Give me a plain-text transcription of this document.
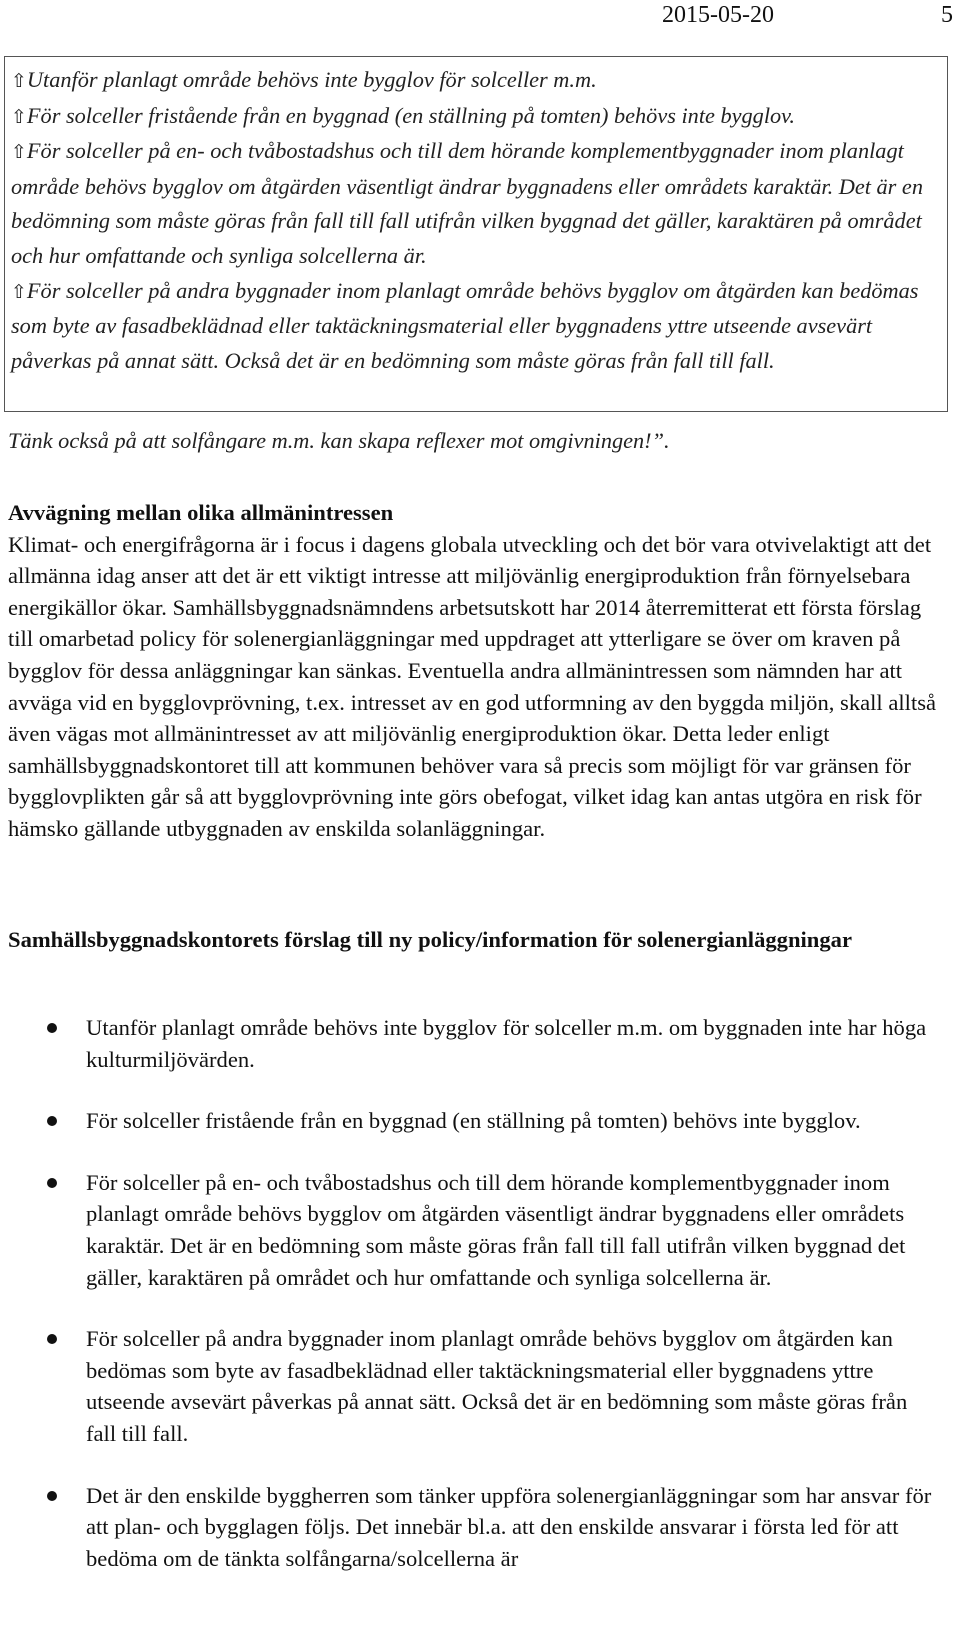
2015-05-20	5

⇧Utanför planlagt område behövs inte bygglov för solceller m.m.

⇧För solceller fristående från en byggnad (en ställning på tomten) behövs inte bygglov.

⇧För solceller på en- och tvåbostadshus och till dem hörande komplementbyggnader inom planlagt område behövs bygglov om åtgärden väsentligt ändrar byggnadens eller områdets karaktär. Det är en bedömning som måste göras från fall till fall utifrån vilken byggnad det gäller, karaktären på området och hur omfattande och synliga solcellerna är.

⇧För solceller på andra byggnader inom planlagt område behövs bygglov om åtgärden kan bedömas som byte av fasadbeklädnad eller taktäckningsmaterial eller byggnadens yttre utseende avsevärt påverkas på annat sätt. Också det är en bedömning som måste göras från fall till fall.

Tänk också på att solfångare m.m. kan skapa reflexer mot omgivningen!”.
Avvägning mellan olika allmänintressen

Klimat- och energifrågorna är i focus i dagens globala utveckling och det bör vara otvivelaktigt att det allmänna idag anser att det är ett viktigt intresse att miljövänlig energiproduktion från förnyelsebara energikällor ökar. Samhällsbyggnadsnämndens arbetsutskott har 2014 återremitterat ett första förslag till omarbetad policy för solenergianläggningar med uppdraget att ytterligare se över om kraven på bygglov för dessa anläggningar kan sänkas. Eventuella andra allmänintressen som nämnden har att avväga vid en bygglovprövning, t.ex. intresset av en god utformning av den byggda miljön, skall alltså även vägas mot allmänintresset av att miljövänlig energiproduktion ökar. Detta leder enligt samhällsbyggnadskontoret till att kommunen behöver vara så precis som möjligt för var gränsen för bygglovplikten går så att bygglovprövning inte görs obefogat, vilket idag kan antas utgöra en risk för hämsko gällande utbyggnaden av enskilda solanläggningar.

Samhällsbyggnadskontorets förslag till ny policy/information för solenergianläggningar
Utanför planlagt område behövs inte bygglov för solceller m.m. om byggnaden inte har höga kulturmiljövärden.
För solceller fristående från en byggnad (en ställning på tomten) behövs inte bygglov.
För solceller på en- och tvåbostadshus och till dem hörande komplementbyggnader inom planlagt område behövs bygglov om åtgärden väsentligt ändrar byggnadens eller områdets karaktär. Det är en bedömning som måste göras från fall till fall utifrån vilken byggnad det gäller, karaktären på området och hur omfattande och synliga solcellerna är.
För solceller på andra byggnader inom planlagt område behövs bygglov om åtgärden kan bedömas som byte av fasadbeklädnad eller taktäckningsmaterial eller byggnadens yttre utseende avsevärt påverkas på annat sätt. Också det är en bedömning som måste göras från fall till fall.
Det är den enskilde byggherren som tänker uppföra solenergianläggningar som har ansvar för att plan- och bygglagen följs. Det innebär bl.a. att den enskilde ansvarar i första led för att bedöma om de tänkta solfångarna/solcellerna är
